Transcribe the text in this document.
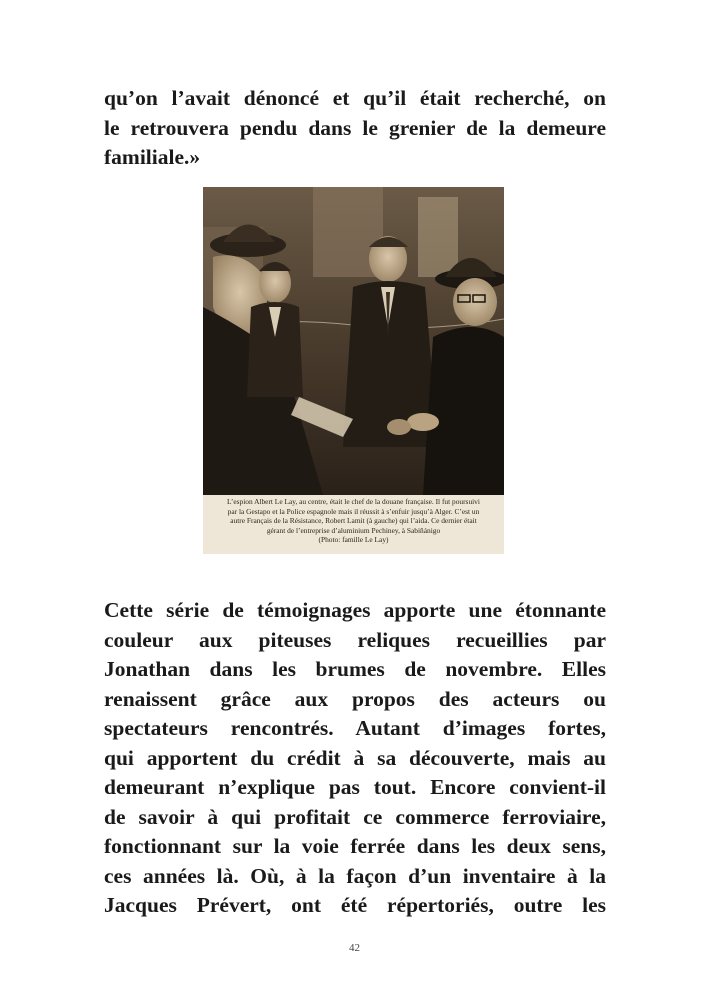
qu’on l’avait dénoncé et qu’il était recherché, on
le retrouvera pendu dans le grenier de la demeure
familiale.»
L’espion Albert Le Lay, au centre, était le chef de la douane française. Il fut poursuivi
par la Gestapo et la Police espagnole mais il réussit à s’enfuir jusqu’à Alger. C’est un
autre Français de la Résistance, Robert Lamit (à gauche) qui l’aida. Ce dernier était
gérant de l’entreprise d’aluminium Pechiney, à Sabiñánigo
(Photo: famille Le Lay)
Cette série de témoignages apporte une étonnante
couleur aux piteuses reliques recueillies par
Jonathan dans les brumes de novembre. Elles
renaissent grâce aux propos des acteurs ou
spectateurs rencontrés. Autant d’images fortes,
qui apportent du crédit à sa découverte, mais au
demeurant n’explique pas tout. Encore convient-il
de savoir à qui profitait ce commerce ferroviaire,
fonctionnant sur la voie ferrée dans les deux sens,
ces années là. Où, à la façon d’un inventaire à la
Jacques Prévert, ont été répertoriés, outre les
42
